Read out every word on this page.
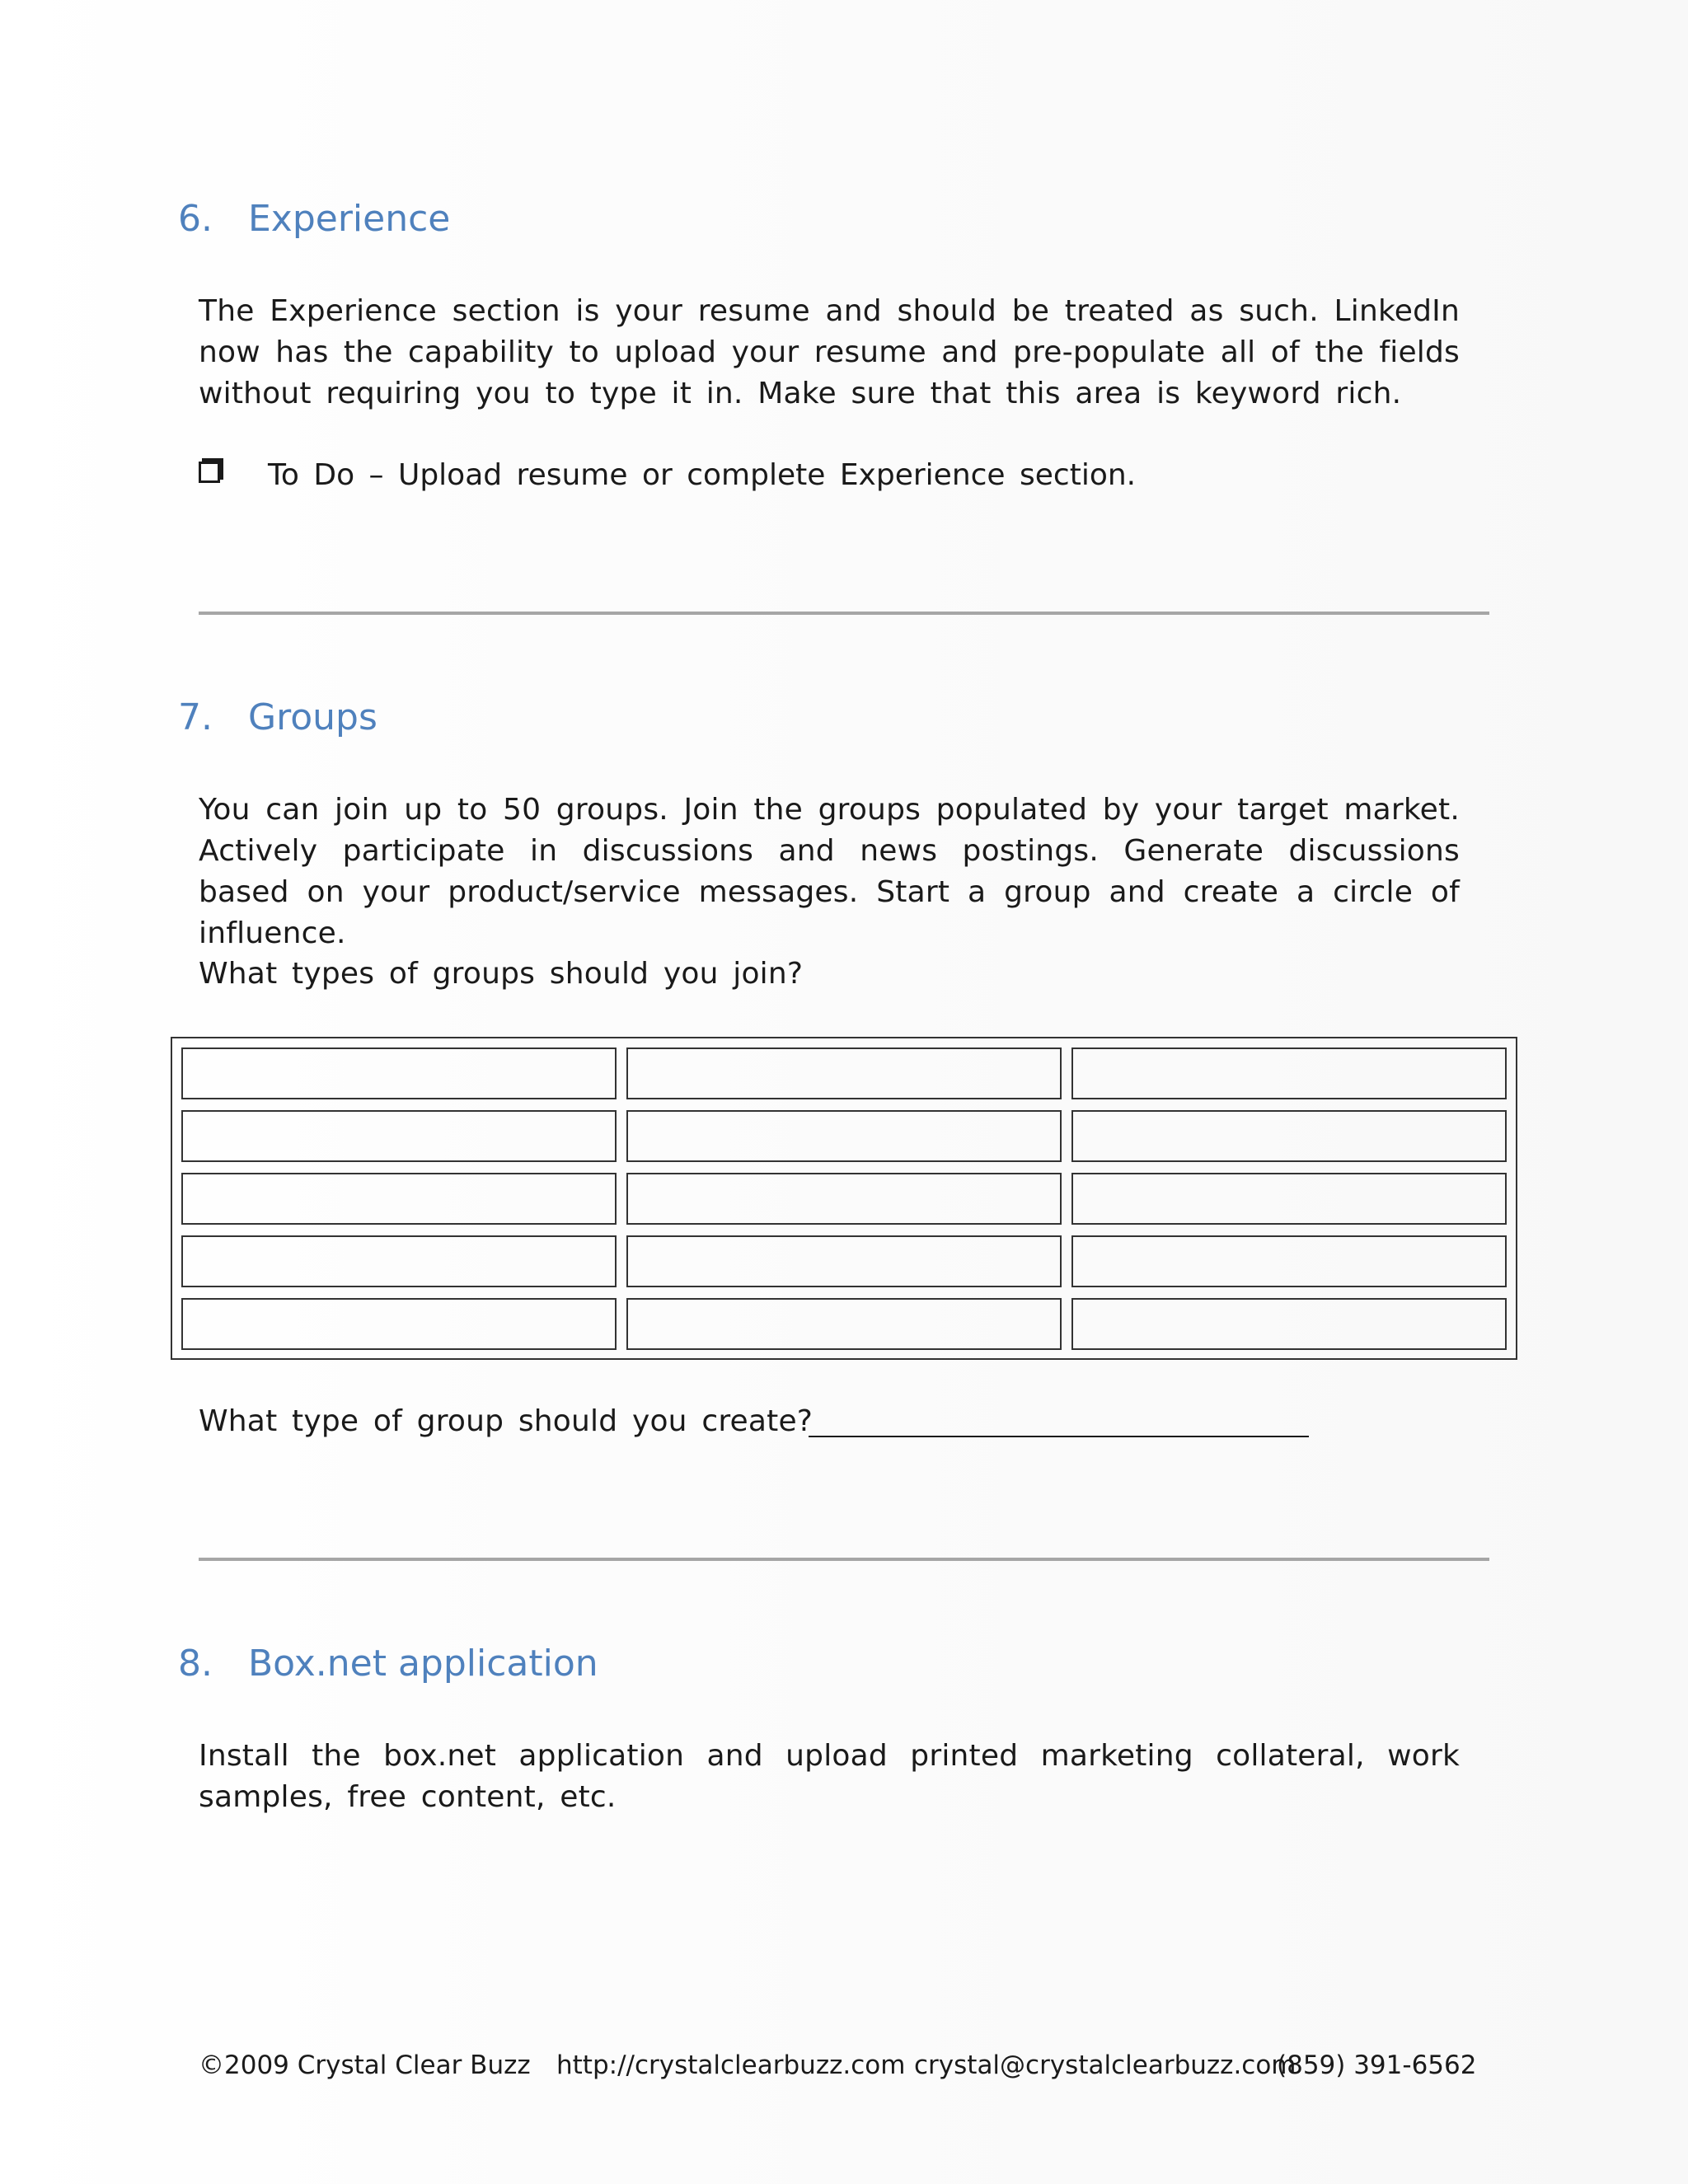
6. Experience

The Experience section is your resume and should be treated as such. LinkedIn now has the capability to upload your resume and pre-populate all of the fields without requiring you to type it in. Make sure that this area is keyword rich.

To Do – Upload resume or complete Experience section.
7. Groups

You can join up to 50 groups. Join the groups populated by your target market. Actively participate in discussions and news postings. Generate discussions based on your product/service messages. Start a group and create a circle of influence.

What types of groups should you join?

What type of group should you create?

8. Box.net application

Install the box.net application and upload printed marketing collateral, work samples, free content, etc.

©2009 Crystal Clear Buzz http://crystalclearbuzz.com crystal@crystalclearbuzz.com
(859) 391-6562
